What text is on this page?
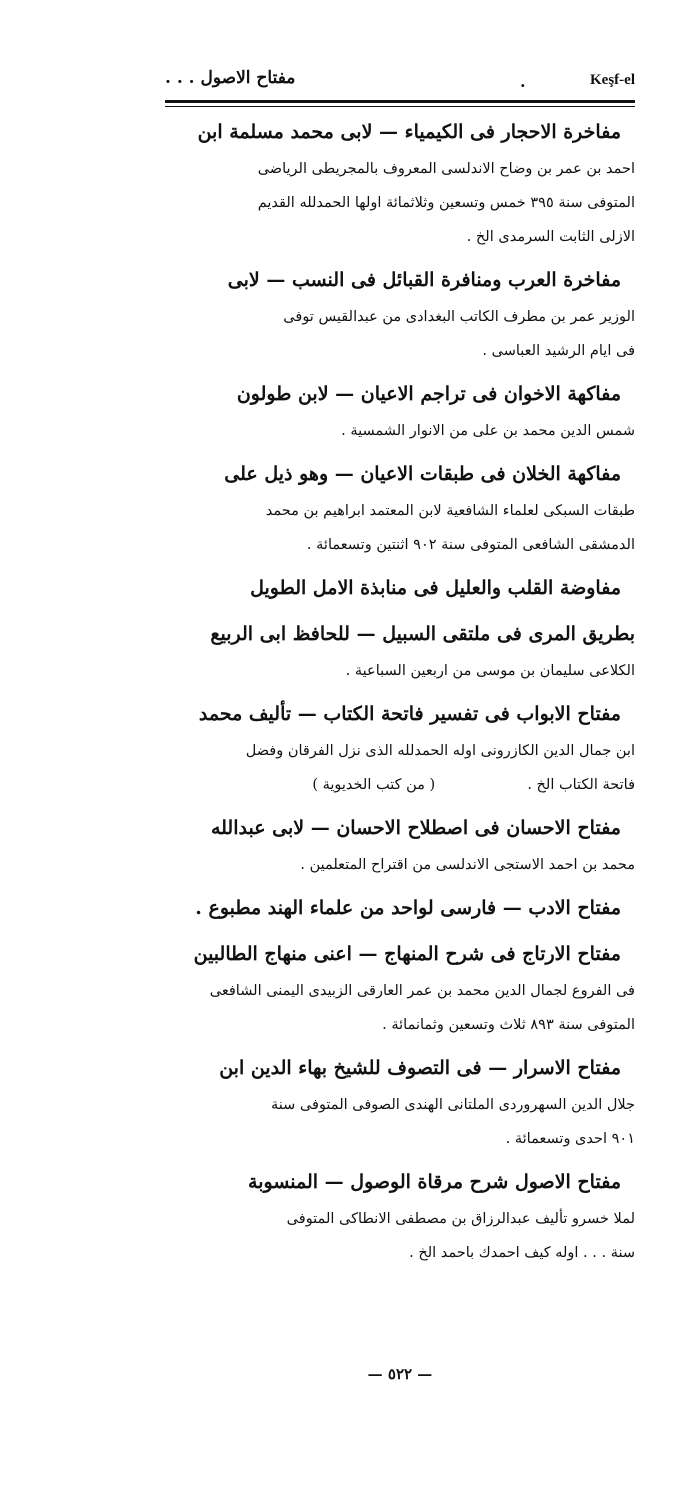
مفتاح الاصول . . .	.	Keşf-el
مفاخرة الاحجار فى الكيمياء — لابى محمد مسلمة ابن
احمد بن عمر بن وضاح الاندلسى المعروف بالمجريطى الرياضى
المتوفى سنة ٣٩٥ خمس وتسعين وثلاثمائة اولها الحمدلله القديم
الازلى الثابت السرمدى الخ .
مفاخرة العرب ومنافرة القبائل فى النسب — لابى
الوزير عمر بن مطرف الكاتب البغدادى من عبدالقيس توفى
فى ايام الرشيد العباسى .
مفاكهة الاخوان فى تراجم الاعيان — لابن طولون
شمس الدين محمد بن على من الانوار الشمسية .
مفاكهة الخلان فى طبقات الاعيان — وهو ذيل على
طبقات السبكى لعلماء الشافعية لابن المعتمد ابراهيم بن محمد
الدمشقى الشافعى المتوفى سنة ٩٠٢ اثنتين وتسعمائة .
مفاوضة القلب والعليل فى منابذة الامل الطويل
بطريق المرى فى ملتقى السبيل — للحافظ ابى الربيع
الكلاعى سليمان بن موسى من اربعين السباعية .
مفتاح الابواب فى تفسير فاتحة الكتاب — تأليف محمد
ابن جمال الدين الكازرونى اوله الحمدلله الذى نزل الفرقان وفضل
فاتحة الكتاب الخ .                    ( من كتب الخديوية )
مفتاح الاحسان فى اصطلاح الاحسان — لابى عبدالله
محمد بن احمد الاستجى الاندلسى من اقتراح المتعلمين .
مفتاح الادب — فارسى لواحد من علماء الهند مطبوع .
مفتاح الارتاج فى شرح المنهاج — اعنى منهاج الطالبين
فى الفروع لجمال الدين محمد بن عمر العارقى الزبيدى اليمنى الشافعى
المتوفى سنة ٨٩٣ ثلاث وتسعين وثمانمائة .
مفتاح الاسرار — فى التصوف للشيخ بهاء الدين ابن
جلال الدين السهروردى الملتانى الهندى الصوفى المتوفى سنة
٩٠١ احدى وتسعمائة .
مفتاح الاصول شرح مرقاة الوصول — المنسوبة
لملا خسرو تأليف عبدالرزاق بن مصطفى الانطاكى المتوفى
سنة . . . اوله كيف احمدك باحمد الخ .
— ٥٢٢ —
